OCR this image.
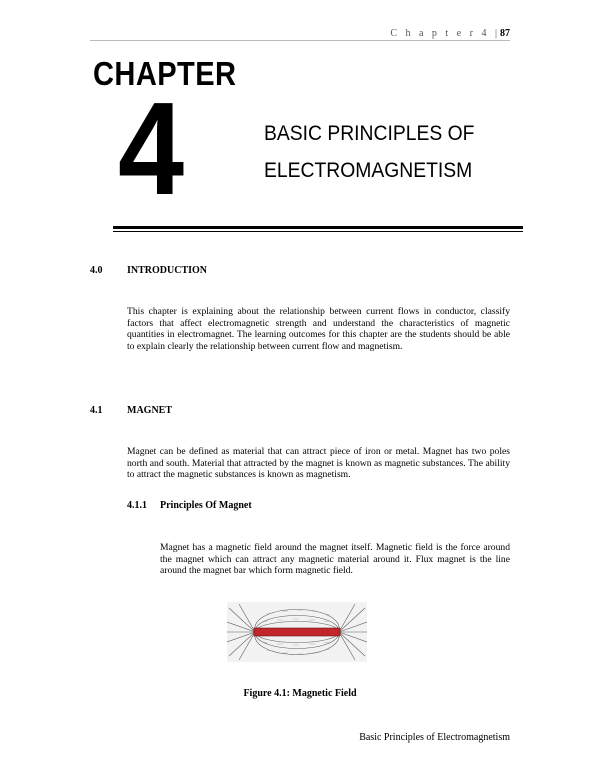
C h a p t e r 4 |87
CHAPTER
4	BASIC PRINCIPLES OF
ELECTROMAGNETISM
4.0 INTRODUCTION
This chapter is explaining about the relationship between current flows in conductor, classify factors that affect electromagnetic strength and understand the characteristics of magnetic quantities in electromagnet. The learning outcomes for this chapter are the students should be able to explain clearly the relationship between current flow and magnetism.
4.1 MAGNET
Magnet can be defined as material that can attract piece of iron or metal. Magnet has two poles north and south. Material that attracted by the magnet is known as magnetic substances. The ability to attract the magnetic substances is known as magnetism.
4.1.1 Principles Of Magnet
Magnet has a magnetic field around the magnet itself. Magnetic field is the force around the magnet which can attract any magnetic material around it. Flux magnet is the line around the magnet bar which form magnetic field.
Figure 4.1: Magnetic Field
Basic Principles of Electromagnetism
